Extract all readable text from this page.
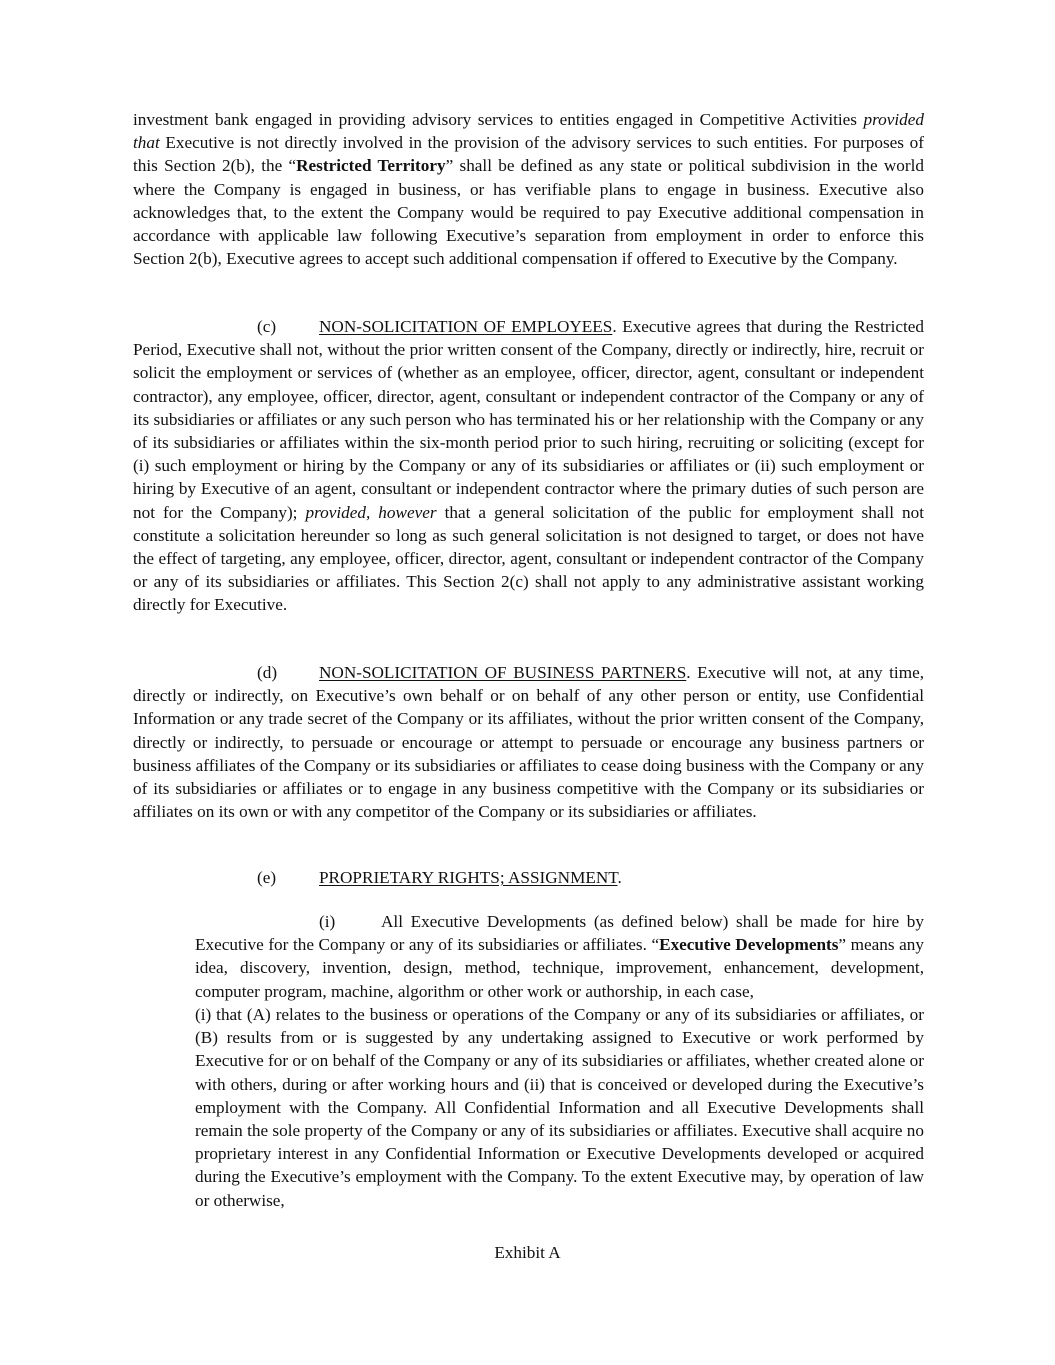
investment bank engaged in providing advisory services to entities engaged in Competitive Activities provided that Executive is not directly involved in the provision of the advisory services to such entities. For purposes of this Section 2(b), the “Restricted Territory” shall be defined as any state or political subdivision in the world where the Company is engaged in business, or has verifiable plans to engage in business. Executive also acknowledges that, to the extent the Company would be required to pay Executive additional compensation in accordance with applicable law following Executive’s separation from employment in order to enforce this Section 2(b), Executive agrees to accept such additional compensation if offered to Executive by the Company.

(c) NON-SOLICITATION OF EMPLOYEES. Executive agrees that during the Restricted Period, Executive shall not, without the prior written consent of the Company, directly or indirectly, hire, recruit or solicit the employment or services of (whether as an employee, officer, director, agent, consultant or independent contractor), any employee, officer, director, agent, consultant or independent contractor of the Company or any of its subsidiaries or affiliates or any such person who has terminated his or her relationship with the Company or any of its subsidiaries or affiliates within the six-month period prior to such hiring, recruiting or soliciting (except for (i) such employment or hiring by the Company or any of its subsidiaries or affiliates or (ii) such employment or hiring by Executive of an agent, consultant or independent contractor where the primary duties of such person are not for the Company); provided, however that a general solicitation of the public for employment shall not constitute a solicitation hereunder so long as such general solicitation is not designed to target, or does not have the effect of targeting, any employee, officer, director, agent, consultant or independent contractor of the Company or any of its subsidiaries or affiliates. This Section 2(c) shall not apply to any administrative assistant working directly for Executive.

(d) NON-SOLICITATION OF BUSINESS PARTNERS. Executive will not, at any time, directly or indirectly, on Executive’s own behalf or on behalf of any other person or entity, use Confidential Information or any trade secret of the Company or its affiliates, without the prior written consent of the Company, directly or indirectly, to persuade or encourage or attempt to persuade or encourage any business partners or business affiliates of the Company or its subsidiaries or affiliates to cease doing business with the Company or any of its subsidiaries or affiliates or to engage in any business competitive with the Company or its subsidiaries or affiliates on its own or with any competitor of the Company or its subsidiaries or affiliates.

(e) PROPRIETARY RIGHTS; ASSIGNMENT.

(i)	All Executive Developments (as defined below) shall be made for hire by Executive for the Company or any of its subsidiaries or affiliates. “Executive Developments” means any idea, discovery, invention, design, method, technique, improvement, enhancement, development, computer program, machine, algorithm or other work or authorship, in each case,

(i) that (A) relates to the business or operations of the Company or any of its subsidiaries or affiliates, or (B) results from or is suggested by any undertaking assigned to Executive or work performed by Executive for or on behalf of the Company or any of its subsidiaries or affiliates, whether created alone or with others, during or after working hours and (ii) that is conceived or developed during the Executive’s employment with the Company. All Confidential Information and all Executive Developments shall remain the sole property of the Company or any of its subsidiaries or affiliates. Executive shall acquire no proprietary interest in any Confidential Information or Executive Developments developed or acquired during the Executive’s employment with the Company. To the extent Executive may, by operation of law or otherwise,

Exhibit A
